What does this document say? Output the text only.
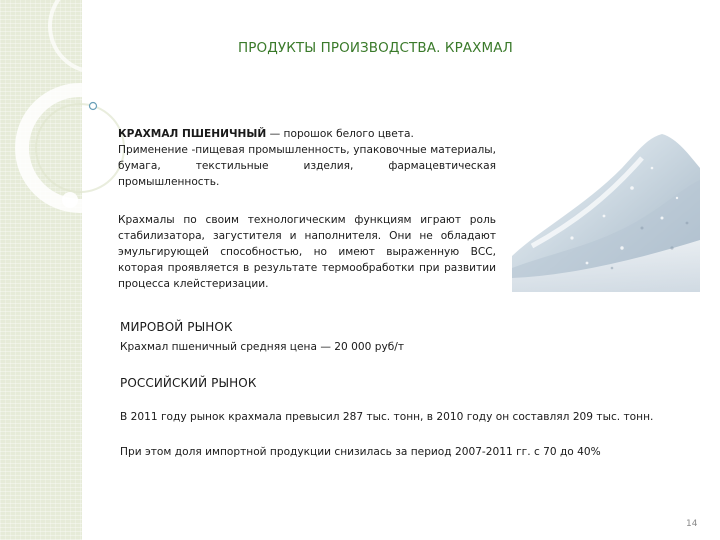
ПРОДУКТЫ ПРОИЗВОДСТВА. КРАХМАЛ
КРАХМАЛ ПШЕНИЧНЫЙ — порошок белого цвета.
Применение -пищевая промышленность, упаковочные материалы, бумага, текстильные изделия, фармацевтическая промышленность.
Крахмалы по своим технологическим функциям играют роль стабилизатора, загустителя и наполнителя. Они не обладают эмульгирующей способностью, но имеют выраженную ВСС, которая проявляется в результате термообработки при развитии процесса клейстеризации.
МИРОВОЙ РЫНОК
Крахмал пшеничный средняя цена — 20 000 руб/т
РОССИЙСКИЙ РЫНОК
В 2011 году рынок крахмала превысил 287 тыс. тонн, в 2010 году он составлял 209 тыс. тонн.
При этом доля импортной продукции снизилась за период 2007-2011 гг. с 70 до 40%
14
